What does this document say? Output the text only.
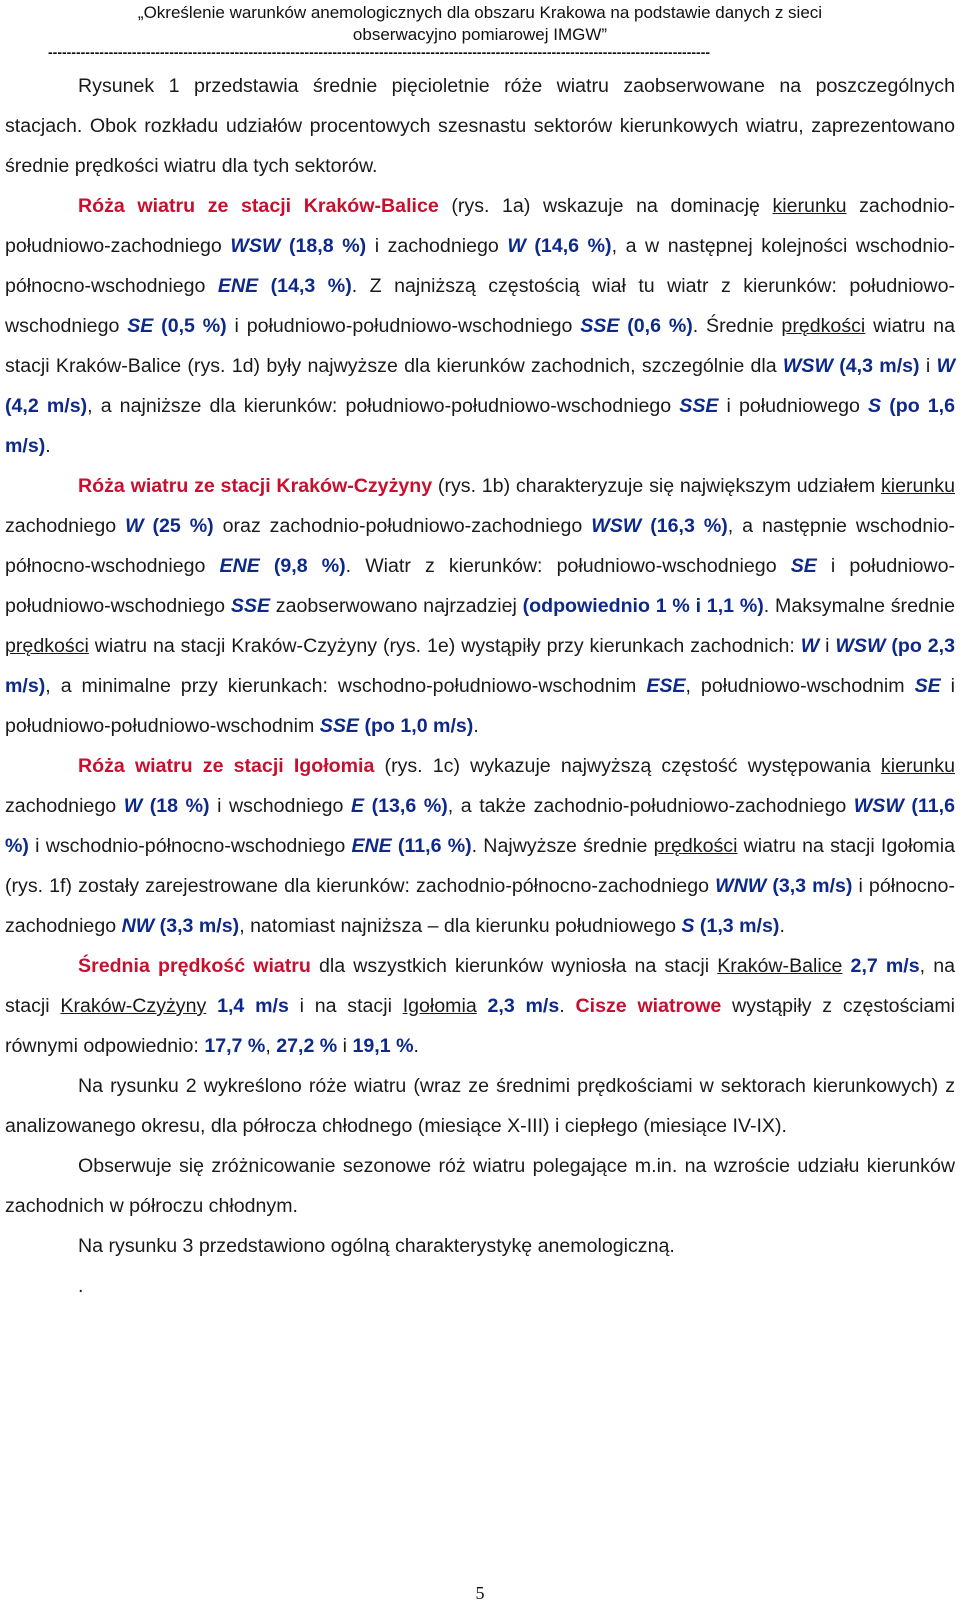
„Określenie warunków anemologicznych dla obszaru Krakowa na podstawie danych z sieci
obserwacyjno pomiarowej IMGW”
----------------------------------------------------------------------------------------------------------------------------------------------

Rysunek 1 przedstawia średnie pięcioletnie róże wiatru zaobserwowane na poszczególnych stacjach. Obok rozkładu udziałów procentowych szesnastu sektorów kierunkowych wiatru, zaprezentowano średnie prędkości wiatru dla tych sektorów.

Róża wiatru ze stacji Kraków-Balice (rys. 1a) wskazuje na dominację kierunku zachodnio-południowo-zachodniego WSW (18,8 %) i zachodniego W (14,6 %), a w następnej kolejności wschodnio-północno-wschodniego ENE (14,3 %). Z najniższą częstością wiał tu wiatr z kierunków: południowo-wschodniego SE (0,5 %) i południowo-południowo-wschodniego SSE (0,6 %). Średnie prędkości wiatru na stacji Kraków-Balice (rys. 1d) były najwyższe dla kierunków zachodnich, szczególnie dla WSW (4,3 m/s) i W (4,2 m/s), a najniższe dla kierunków: południowo-południowo-wschodniego SSE i południowego S (po 1,6 m/s).

Róża wiatru ze stacji Kraków-Czyżyny (rys. 1b) charakteryzuje się największym udziałem kierunku zachodniego W (25 %) oraz zachodnio-południowo-zachodniego WSW (16,3 %), a następnie wschodnio-północno-wschodniego ENE (9,8 %). Wiatr z kierunków: południowo-wschodniego SE i południowo-południowo-wschodniego SSE zaobserwowano najrzadziej (odpowiednio 1 % i 1,1 %). Maksymalne średnie prędkości wiatru na stacji Kraków-Czyżyny (rys. 1e) wystąpiły przy kierunkach zachodnich: W i WSW (po 2,3 m/s), a minimalne przy kierunkach: wschodno-południowo-wschodnim ESE, południowo-wschodnim SE i południowo-południowo-wschodnim SSE (po 1,0 m/s).

Róża wiatru ze stacji Igołomia (rys. 1c) wykazuje najwyższą częstość występowania kierunku zachodniego W (18 %) i wschodniego E (13,6 %), a także zachodnio-południowo-zachodniego WSW (11,6 %) i wschodnio-północno-wschodniego ENE (11,6 %). Najwyższe średnie prędkości wiatru na stacji Igołomia (rys. 1f) zostały zarejestrowane dla kierunków: zachodnio-północno-zachodniego WNW (3,3 m/s) i północno-zachodniego NW (3,3 m/s), natomiast najniższa – dla kierunku południowego S (1,3 m/s).

Średnia prędkość wiatru dla wszystkich kierunków wyniosła na stacji Kraków-Balice 2,7 m/s, na stacji Kraków-Czyżyny 1,4 m/s i na stacji Igołomia 2,3 m/s. Cisze wiatrowe wystąpiły z częstościami równymi odpowiednio: 17,7 %, 27,2 % i 19,1 %.

Na rysunku 2 wykreślono róże wiatru (wraz ze średnimi prędkościami w sektorach kierunkowych) z analizowanego okresu, dla półrocza chłodnego (miesiące X-III) i ciepłego (miesiące IV-IX).

Obserwuje się zróżnicowanie sezonowe róż wiatru polegające m.in. na wzroście udziału kierunków zachodnich w półroczu chłodnym.

Na rysunku 3 przedstawiono ogólną charakterystykę anemologiczną.

.

5
